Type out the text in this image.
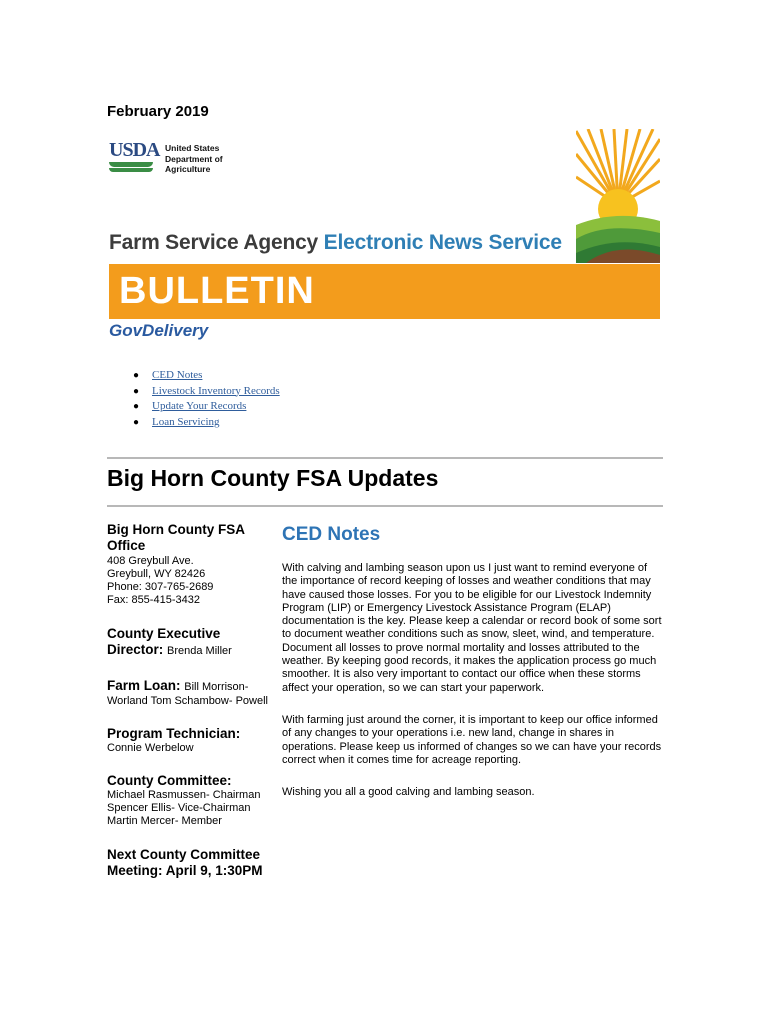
February 2019
USDA United States
Department of
Agriculture
Farm Service Agency Electronic News Service
BULLETIN
GovDelivery
● CED Notes
● Livestock Inventory Records
● Update Your Records
● Loan Servicing
Big Horn County FSA Updates
Big Horn County FSA
Office
408 Greybull Ave.
Greybull, WY 82426
Phone: 307-765-2689
Fax: 855-415-3432
County Executive
Director: Brenda Miller
Farm Loan: Bill Morrison-
Worland Tom Schambow- Powell
Program Technician:
Connie Werbelow
County Committee:
Michael Rasmussen- Chairman
Spencer Ellis- Vice-Chairman
Martin Mercer- Member
Next County Committee
Meeting: April 9, 1:30PM
CED Notes
With calving and lambing season upon us I just want to remind everyone of the importance of record keeping of losses and weather conditions that may have caused those losses. For you to be eligible for our Livestock Indemnity Program (LIP) or Emergency Livestock Assistance Program (ELAP) documentation is the key. Please keep a calendar or record book of some sort to document weather conditions such as snow, sleet, wind, and temperature. Document all losses to prove normal mortality and losses attributed to the weather. By keeping good records, it makes the application process go much smoother. It is also very important to contact our office when these storms affect your operation, so we can start your paperwork.
With farming just around the corner, it is important to keep our office informed of any changes to your operations i.e. new land, change in shares in operations. Please keep us informed of changes so we can have your records correct when it comes time for acreage reporting.
Wishing you all a good calving and lambing season.
